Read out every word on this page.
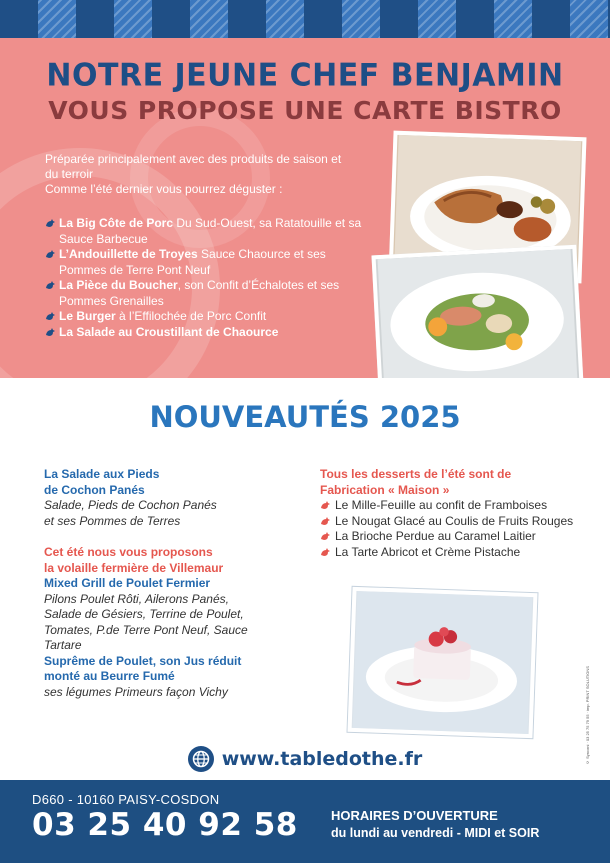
NOTRE JEUNE CHEF BENJAMIN
VOUS PROPOSE UNE CARTE BISTRO

Préparée principalement avec des produits de saison et du terroir

Comme l’été dernier vous pourrez déguster :

La Big Côte de Porc Du Sud-Ouest, sa Ratatouille et sa Sauce Barbecue
L’Andouillette de Troyes Sauce Chaource et ses Pommes de Terre Pont Neuf
La Pièce du Boucher, son Confit d’Échalotes et ses Pommes Grenailles
Le Burger à l’Effilochée de Porc Confit
La Salade au Croustillant de Chaource
NOUVEAUTÉS 2025
La Salade aux Pieds
de Cochon Panés
Salade, Pieds de Cochon Panés
et ses Pommes de Terres
Cet été nous vous proposons
la volaille fermière de Villemaur
Mixed Grill de Poulet Fermier
Pilons Poulet Rôti, Ailerons Panés,
Salade de Gésiers, Terrine de Poulet,
Tomates, P.de Terre Pont Neuf, Sauce
Tartare
Suprême de Poulet, son Jus réduit
monté au Beurre Fumé
ses légumes Primeurs façon Vichy
Tous les desserts de l’été sont de
Fabrication « Maison »
Le Mille-Feuille au confit de Framboises
Le Nougat Glacé au Coulis de Fruits Rouges
La Brioche Perdue au Caramel Laitier
La Tarte Abricot et Crème Pistache
© Synconi · 03 25 75 79 55 · imp. PRINT SOLUTIONS
www.tabledothe.fr
D660 - 10160 PAISY-COSDON
03 25 40 92 58	HORAIRES D’OUVERTURE
du lundi au vendredi - MIDI et SOIR
